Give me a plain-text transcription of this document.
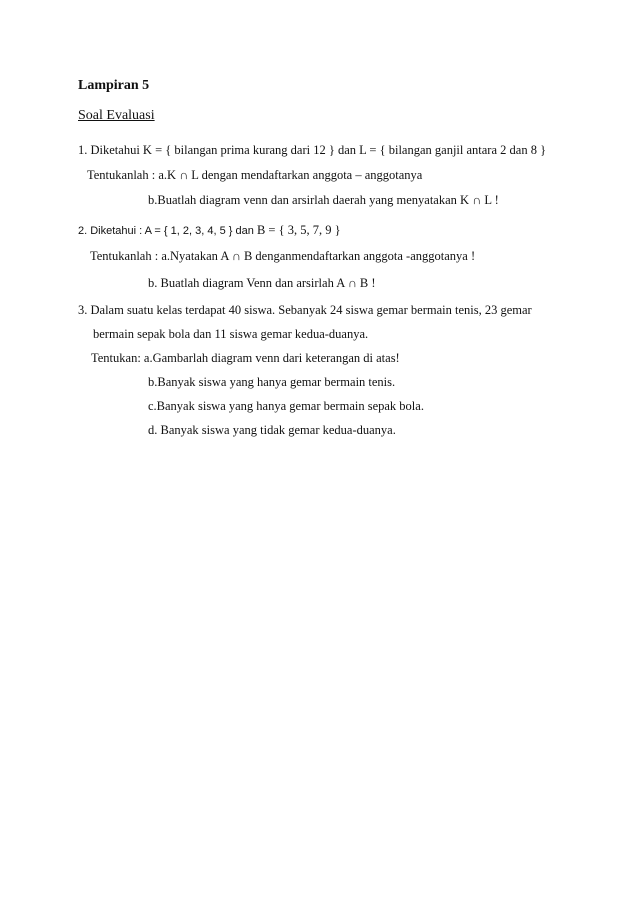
Lampiran 5
Soal Evaluasi
1. Diketahui K = { bilangan prima kurang dari 12 } dan L = { bilangan ganjil antara 2 dan 8 }
Tentukanlah : a.K ∩ L dengan mendaftarkan anggota – anggotanya
b.Buatlah diagram venn dan arsirlah daerah yang menyatakan K ∩ L !
2. Diketahui : A = { 1, 2, 3, 4, 5 } dan B = { 3, 5, 7, 9 }
Tentukanlah : a.Nyatakan A ∩ B denganmendaftarkan anggota -anggotanya !
b. Buatlah diagram Venn dan arsirlah A ∩ B !
3. Dalam suatu kelas terdapat 40 siswa. Sebanyak 24 siswa gemar bermain tenis, 23 gemar
bermain sepak bola dan 11 siswa gemar kedua-duanya.
Tentukan: a.Gambarlah diagram venn dari keterangan di atas!
b.Banyak siswa yang hanya gemar bermain tenis.
c.Banyak siswa yang hanya gemar bermain sepak bola.
d. Banyak siswa yang tidak gemar kedua-duanya.
